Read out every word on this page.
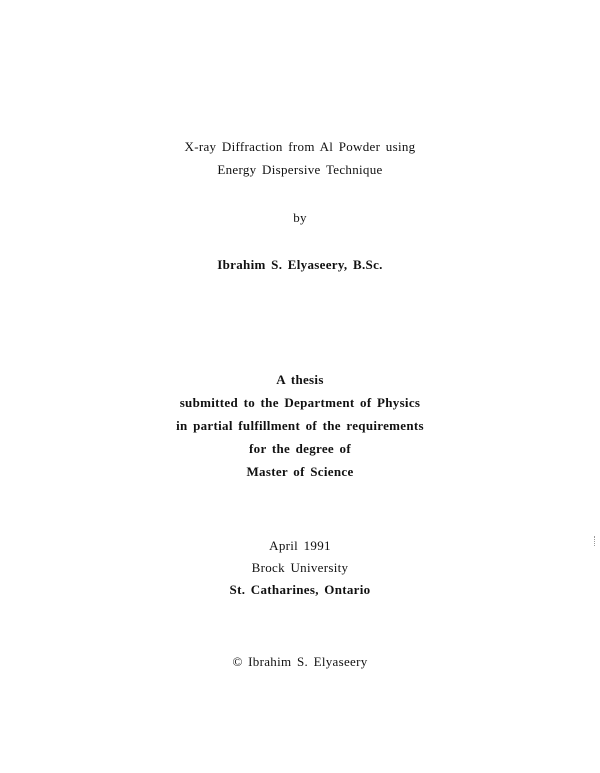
X-ray Diffraction from Al Powder using
Energy Dispersive Technique
by
Ibrahim S. Elyaseery, B.Sc.
A thesis
submitted to the Department of Physics
in partial fulfillment of the requirements
for the degree of
Master of Science
April 1991
Brock University
St. Catharines, Ontario
© Ibrahim S. Elyaseery
